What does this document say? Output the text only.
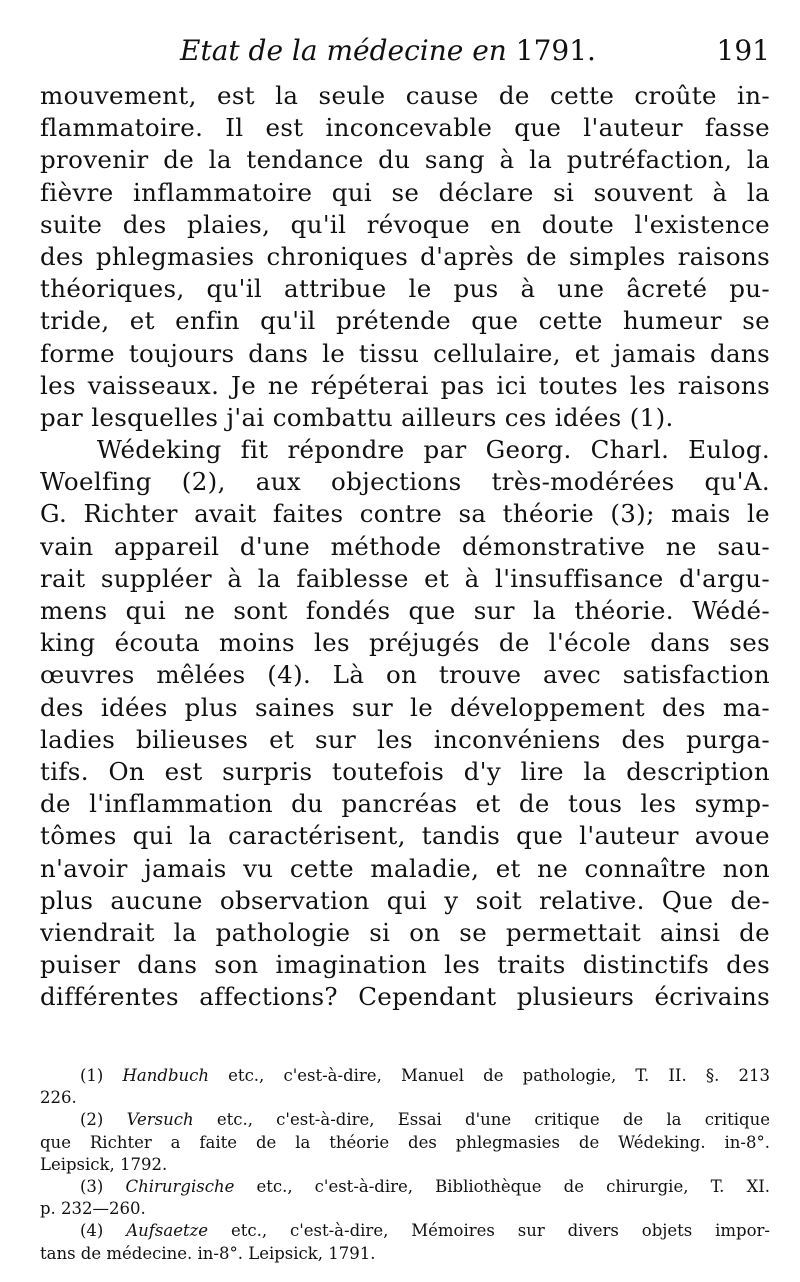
Etat de la médecine en 1791.	191
mouvement, est la seule cause de cette croûte in-
flammatoire. Il est inconcevable que l'auteur fasse
provenir de la tendance du sang à la putréfaction, la
fièvre inflammatoire qui se déclare si souvent à la
suite des plaies, qu'il révoque en doute l'existence
des phlegmasies chroniques d'après de simples raisons
théoriques, qu'il attribue le pus à une âcreté pu-
tride, et enfin qu'il prétende que cette humeur se
forme toujours dans le tissu cellulaire, et jamais dans
les vaisseaux. Je ne répéterai pas ici toutes les raisons
par lesquelles j'ai combattu ailleurs ces idées (1).
Wédeking fit répondre par Georg. Charl. Eulog.
Woelfing (2), aux objections très-modérées qu'A.
G. Richter avait faites contre sa théorie (3); mais le
vain appareil d'une méthode démonstrative ne sau-
rait suppléer à la faiblesse et à l'insuffisance d'argu-
mens qui ne sont fondés que sur la théorie. Wédé-
king écouta moins les préjugés de l'école dans ses
œuvres mêlées (4). Là on trouve avec satisfaction
des idées plus saines sur le développement des ma-
ladies bilieuses et sur les inconvéniens des purga-
tifs. On est surpris toutefois d'y lire la description
de l'inflammation du pancréas et de tous les symp-
tômes qui la caractérisent, tandis que l'auteur avoue
n'avoir jamais vu cette maladie, et ne connaître non
plus aucune observation qui y soit relative. Que de-
viendrait la pathologie si on se permettait ainsi de
puiser dans son imagination les traits distinctifs des
différentes affections? Cependant plusieurs écrivains
(1) Handbuch etc., c'est-à-dire, Manuel de pathologie, T. II. §. 213
226.
(2) Versuch etc., c'est-à-dire, Essai d'une critique de la critique
que Richter a faite de la théorie des phlegmasies de Wédeking. in-8°.
Leipsick, 1792.
(3) Chirurgische etc., c'est-à-dire, Bibliothèque de chirurgie, T. XI.
p. 232—260.
(4) Aufsaetze etc., c'est-à-dire, Mémoires sur divers objets impor-
tans de médecine. in-8°. Leipsick, 1791.
